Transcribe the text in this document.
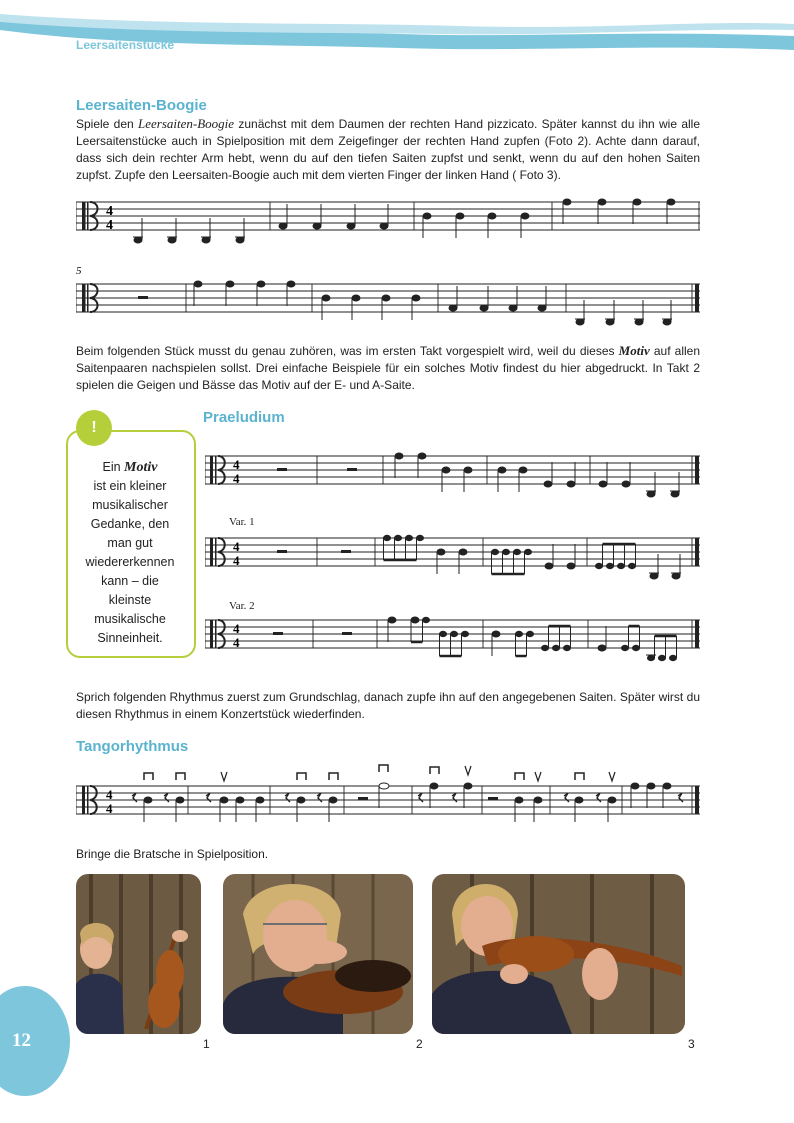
Leersaitenstücke
Leersaiten-Boogie
Spiele den Leersaiten-Boogie zunächst mit dem Daumen der rechten Hand pizzicato. Später kannst du ihn wie alle Leersaitenstücke auch in Spielposition mit dem Zeigefinger der rechten Hand zupfen (Foto 2). Achte dann darauf, dass sich dein rechter Arm hebt, wenn du auf den tiefen Saiten zupfst und senkt, wenn du auf den hohen Saiten zupfst. Zupfe den Leersaiten-Boogie auch mit dem vierten Finger der linken Hand ( Foto 3).
4
4
5
Beim folgenden Stück musst du genau zuhören, was im ersten Takt vorgespielt wird, weil du dieses Motiv auf allen Saitenpaaren nachspielen sollst. Drei einfache Beispiele für ein solches Motiv findest du hier abgedruckt. In Takt 2 spielen die Geigen und Bässe das Motiv auf der E- und A-Saite.
!
Ein Motiv
ist ein kleiner musikalischer Gedanke, den man gut wiedererkennen kann – die kleinste musikalische Sinneinheit.
Praeludium
4
4
Var. 1
4
4
Var. 2
4
4
Sprich folgenden Rhythmus zuerst zum Grundschlag, danach zupfe ihn auf den angegebenen Saiten. Später wirst du diesen Rhythmus in einem Konzertstück wiederfinden.
Tangorhythmus
4
4
Bringe die Bratsche in Spielposition.
1	2	3
12
